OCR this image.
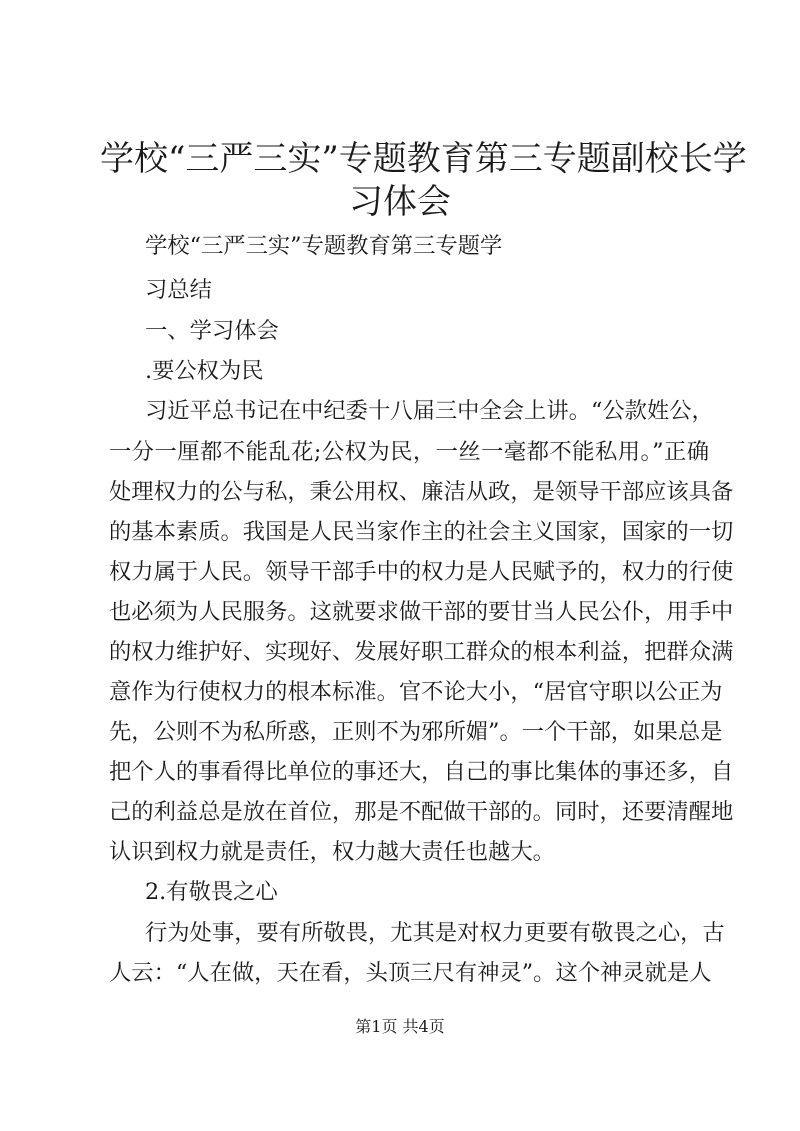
学校“三严三实”专题教育第三专题副校长学
习体会

学校“三严三实”专题教育第三专题学

习总结

一、学习体会

.要公权为民

习近平总书记在中纪委十八届三中全会上讲。“公款姓公，

一分一厘都不能乱花;公权为民，一丝一毫都不能私用。”正确

处理权力的公与私，秉公用权、廉洁从政，是领导干部应该具备

的基本素质。我国是人民当家作主的社会主义国家，国家的一切

权力属于人民。领导干部手中的权力是人民赋予的，权力的行使

也必须为人民服务。这就要求做干部的要甘当人民公仆，用手中

的权力维护好、实现好、发展好职工群众的根本利益，把群众满

意作为行使权力的根本标准。官不论大小，“居官守职以公正为

先，公则不为私所惑，正则不为邪所媚”。一个干部，如果总是

把个人的事看得比单位的事还大，自己的事比集体的事还多，自

己的利益总是放在首位，那是不配做干部的。同时，还要清醒地

认识到权力就是责任，权力越大责任也越大。

2.有敬畏之心

行为处事，要有所敬畏，尤其是对权力更要有敬畏之心，古

人云：“人在做，天在看，头顶三尺有神灵”。这个神灵就是人

第1页 共4页
